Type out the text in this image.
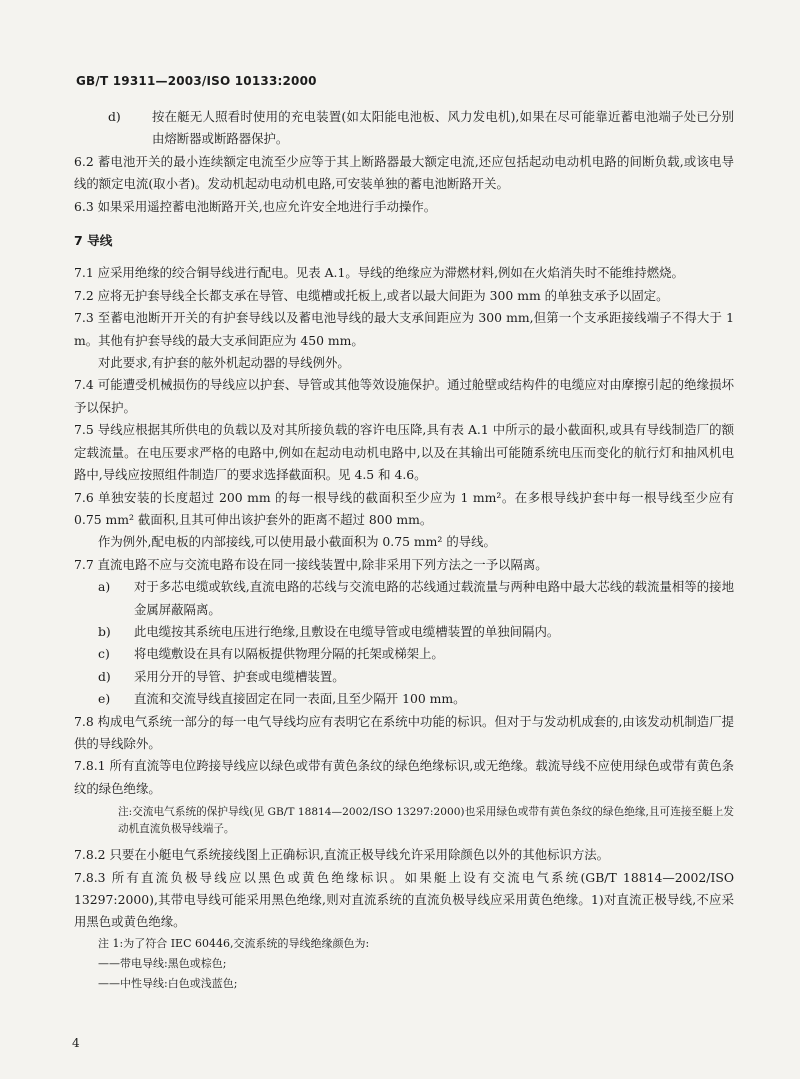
GB/T 19311—2003/ISO 10133:2000
d)	按在艇无人照看时使用的充电装置(如太阳能电池板、风力发电机),如果在尽可能靠近蓄电池端子处已分别由熔断器或断路器保护。

6.2 蓄电池开关的最小连续额定电流至少应等于其上断路器最大额定电流,还应包括起动电动机电路的间断负载,或该电导线的额定电流(取小者)。发动机起动电动机电路,可安装单独的蓄电池断路开关。

6.3 如果采用遥控蓄电池断路开关,也应允许安全地进行手动操作。

7 导线

7.1 应采用绝缘的绞合铜导线进行配电。见表 A.1。导线的绝缘应为滞燃材料,例如在火焰消失时不能维持燃烧。

7.2 应将无护套导线全长都支承在导管、电缆槽或托板上,或者以最大间距为 300 mm 的单独支承予以固定。

7.3 至蓄电池断开开关的有护套导线以及蓄电池导线的最大支承间距应为 300 mm,但第一个支承距接线端子不得大于 1 m。其他有护套导线的最大支承间距应为 450 mm。

对此要求,有护套的舷外机起动器的导线例外。

7.4 可能遭受机械损伤的导线应以护套、导管或其他等效设施保护。通过舱壁或结构件的电缆应对由摩擦引起的绝缘损坏予以保护。

7.5 导线应根据其所供电的负载以及对其所接负载的容许电压降,具有表 A.1 中所示的最小截面积,或具有导线制造厂的额定载流量。在电压要求严格的电路中,例如在起动电动机电路中,以及在其输出可能随系统电压而变化的航行灯和抽风机电路中,导线应按照组件制造厂的要求选择截面积。见 4.5 和 4.6。

7.6 单独安装的长度超过 200 mm 的每一根导线的截面积至少应为 1 mm²。在多根导线护套中每一根导线至少应有 0.75 mm² 截面积,且其可伸出该护套外的距离不超过 800 mm。

作为例外,配电板的内部接线,可以使用最小截面积为 0.75 mm² 的导线。

7.7 直流电路不应与交流电路布设在同一接线装置中,除非采用下列方法之一予以隔离。

a)	对于多芯电缆或软线,直流电路的芯线与交流电路的芯线通过载流量与两种电路中最大芯线的载流量相等的接地金属屏蔽隔离。
b)	此电缆按其系统电压进行绝缘,且敷设在电缆导管或电缆槽装置的单独间隔内。
c)	将电缆敷设在具有以隔板提供物理分隔的托架或梯架上。
d)	采用分开的导管、护套或电缆槽装置。
e)	直流和交流导线直接固定在同一表面,且至少隔开 100 mm。

7.8 构成电气系统一部分的每一电气导线均应有表明它在系统中功能的标识。但对于与发动机成套的,由该发动机制造厂提供的导线除外。

7.8.1 所有直流等电位跨接导线应以绿色或带有黄色条纹的绿色绝缘标识,或无绝缘。载流导线不应使用绿色或带有黄色条纹的绿色绝缘。

注:交流电气系统的保护导线(见 GB/T 18814—2002/ISO 13297:2000)也采用绿色或带有黄色条纹的绿色绝缘,且可连接至艇上发动机直流负极导线端子。

7.8.2 只要在小艇电气系统接线图上正确标识,直流正极导线允许采用除颜色以外的其他标识方法。

7.8.3 所有直流负极导线应以黑色或黄色绝缘标识。如果艇上设有交流电气系统(GB/T 18814—2002/ISO 13297:2000),其带电导线可能采用黑色绝缘,则对直流系统的直流负极导线应采用黄色绝缘。1)对直流正极导线,不应采用黑色或黄色绝缘。

注 1:为了符合 IEC 60446,交流系统的导线绝缘颜色为:
——带电导线:黑色或棕色;
——中性导线:白色或浅蓝色;
4
